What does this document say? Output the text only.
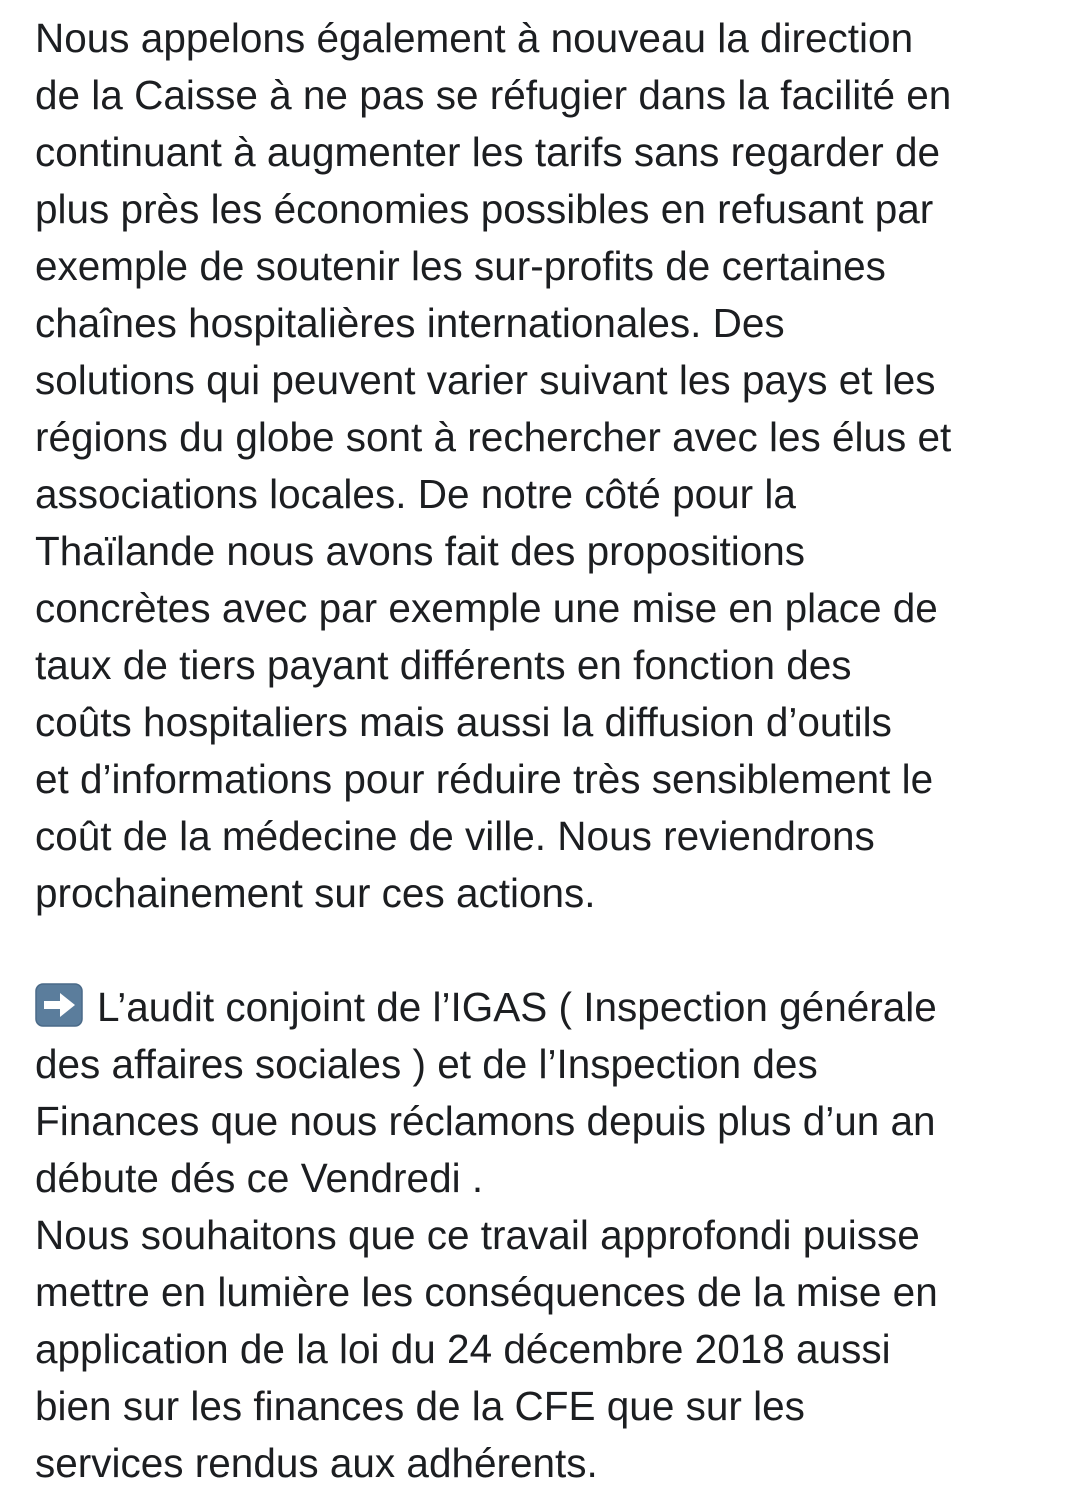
Nous appelons également à nouveau la direction
de la Caisse à ne pas se réfugier dans la facilité en
continuant à augmenter les tarifs sans regarder de
plus près les économies possibles en refusant par
exemple de soutenir les sur-profits de certaines
chaînes hospitalières internationales. Des
solutions qui peuvent varier suivant les pays et les
régions du globe sont à rechercher avec les élus et
associations locales. De notre côté pour la
Thaïlande nous avons fait des propositions
concrètes avec par exemple une mise en place de
taux de tiers payant différents en fonction des
coûts hospitaliers mais aussi la diffusion d’outils
et d’informations pour réduire très sensiblement le
coût de la médecine de ville. Nous reviendrons
prochainement sur ces actions.
L’audit conjoint de l’IGAS ( Inspection générale
des affaires sociales ) et de l’Inspection des
Finances que nous réclamons depuis plus d’un an
débute dés ce Vendredi .
Nous souhaitons que ce travail approfondi puisse
mettre en lumière les conséquences de la mise en
application de la loi du 24 décembre 2018 aussi
bien sur les finances de la CFE que sur les
services rendus aux adhérents.
